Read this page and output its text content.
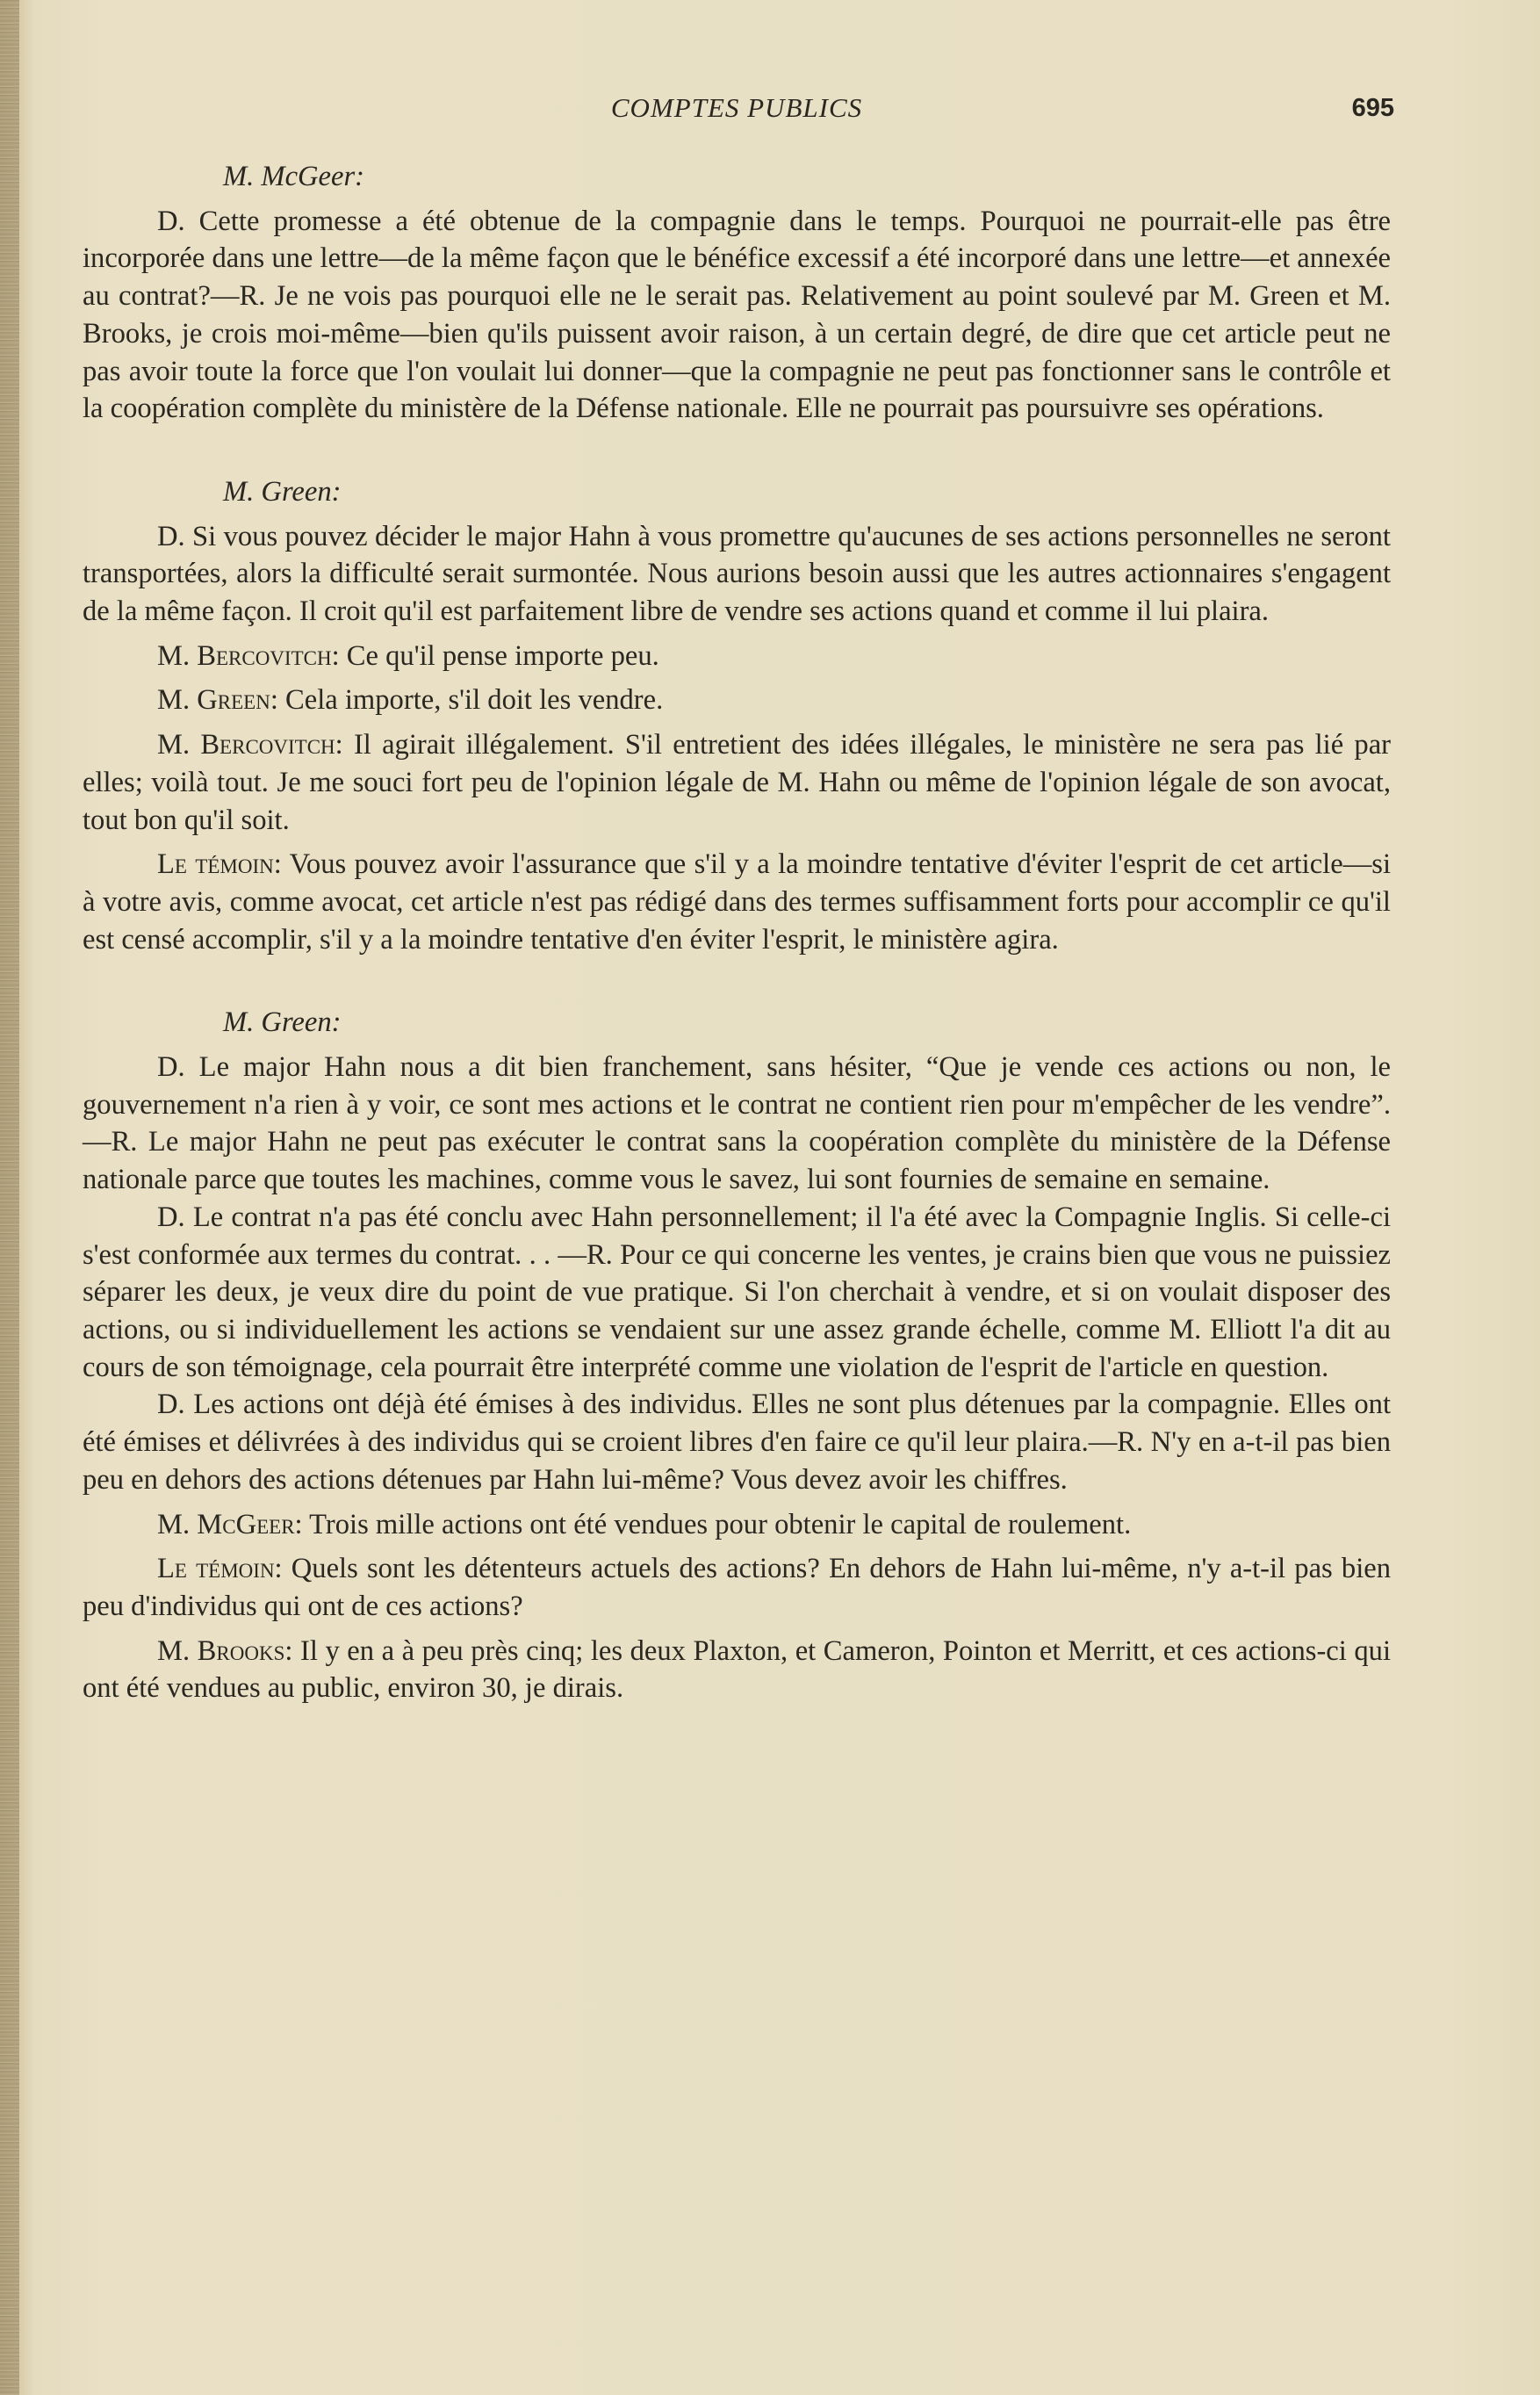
COMPTES PUBLICS	695
M. McGeer:

D. Cette promesse a été obtenue de la compagnie dans le temps. Pourquoi ne pourrait-elle pas être incorporée dans une lettre—de la même façon que le bénéfice excessif a été incorporé dans une lettre—et annexée au contrat?—R. Je ne vois pas pourquoi elle ne le serait pas. Relativement au point soulevé par M. Green et M. Brooks, je crois moi-même—bien qu'ils puissent avoir raison, à un certain degré, de dire que cet article peut ne pas avoir toute la force que l'on voulait lui donner—que la compagnie ne peut pas fonctionner sans le contrôle et la coopération complète du ministère de la Défense nationale. Elle ne pourrait pas poursuivre ses opérations.

M. Green:

D. Si vous pouvez décider le major Hahn à vous promettre qu'aucunes de ses actions personnelles ne seront transportées, alors la difficulté serait surmontée. Nous aurions besoin aussi que les autres actionnaires s'engagent de la même façon. Il croit qu'il est parfaitement libre de vendre ses actions quand et comme il lui plaira.

M. Bercovitch: Ce qu'il pense importe peu.

M. Green: Cela importe, s'il doit les vendre.

M. Bercovitch: Il agirait illégalement. S'il entretient des idées illégales, le ministère ne sera pas lié par elles; voilà tout. Je me souci fort peu de l'opinion légale de M. Hahn ou même de l'opinion légale de son avocat, tout bon qu'il soit.

Le témoin: Vous pouvez avoir l'assurance que s'il y a la moindre tentative d'éviter l'esprit de cet article—si à votre avis, comme avocat, cet article n'est pas rédigé dans des termes suffisamment forts pour accomplir ce qu'il est censé accomplir, s'il y a la moindre tentative d'en éviter l'esprit, le ministère agira.

M. Green:

D. Le major Hahn nous a dit bien franchement, sans hésiter, “Que je vende ces actions ou non, le gouvernement n'a rien à y voir, ce sont mes actions et le contrat ne contient rien pour m'empêcher de les vendre”.—R. Le major Hahn ne peut pas exécuter le contrat sans la coopération complète du ministère de la Défense nationale parce que toutes les machines, comme vous le savez, lui sont fournies de semaine en semaine.

D. Le contrat n'a pas été conclu avec Hahn personnellement; il l'a été avec la Compagnie Inglis. Si celle-ci s'est conformée aux termes du contrat. . . —R. Pour ce qui concerne les ventes, je crains bien que vous ne puissiez séparer les deux, je veux dire du point de vue pratique. Si l'on cherchait à vendre, et si on voulait disposer des actions, ou si individuellement les actions se vendaient sur une assez grande échelle, comme M. Elliott l'a dit au cours de son témoignage, cela pourrait être interprété comme une violation de l'esprit de l'article en question.

D. Les actions ont déjà été émises à des individus. Elles ne sont plus détenues par la compagnie. Elles ont été émises et délivrées à des individus qui se croient libres d'en faire ce qu'il leur plaira.—R. N'y en a-t-il pas bien peu en dehors des actions détenues par Hahn lui-même? Vous devez avoir les chiffres.

M. McGeer: Trois mille actions ont été vendues pour obtenir le capital de roulement.

Le témoin: Quels sont les détenteurs actuels des actions? En dehors de Hahn lui-même, n'y a-t-il pas bien peu d'individus qui ont de ces actions?

M. Brooks: Il y en a à peu près cinq; les deux Plaxton, et Cameron, Pointon et Merritt, et ces actions-ci qui ont été vendues au public, environ 30, je dirais.
